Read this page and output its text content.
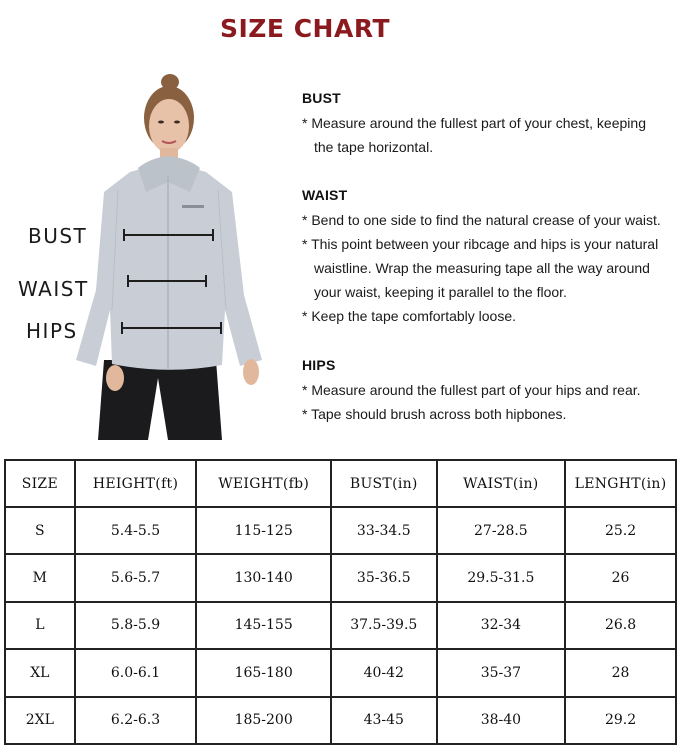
SIZE CHART
BUST
WAIST
HIPS
BUST

* Measure around the fullest part of your chest, keeping
the tape horizontal.

WAIST

* Bend to one side to find the natural crease of your waist.

* This point between your ribcage and hips is your natural
waistline. Wrap the measuring tape all the way around
your waist, keeping it parallel to the floor.

* Keep the tape comfortably loose.

HIPS

* Measure around the fullest part of your hips and rear.

* Tape should brush across both hipbones.

SIZE	HEIGHT(ft)	WEIGHT(fb)	BUST(in)	WAIST(in)	LENGHT(in)
S	5.4-5.5	115-125	33-34.5	27-28.5	25.2
M	5.6-5.7	130-140	35-36.5	29.5-31.5	26
L	5.8-5.9	145-155	37.5-39.5	32-34	26.8
XL	6.0-6.1	165-180	40-42	35-37	28
2XL	6.2-6.3	185-200	43-45	38-40	29.2
